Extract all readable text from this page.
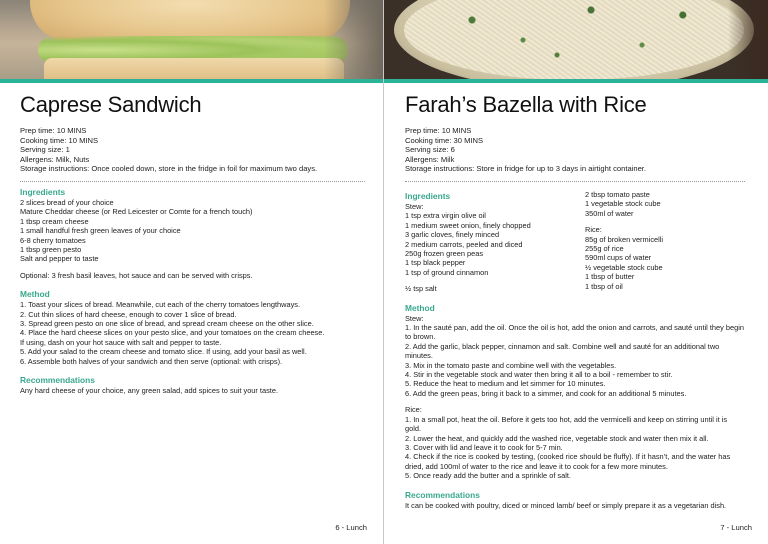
Caprese Sandwich
Prep time: 10 MINS
Cooking time: 10 MINS
Serving size: 1
Allergens: Milk, Nuts
Storage instructions: Once cooled down, store in the fridge in foil for maximum two days.
Ingredients
2 slices bread of your choice
Mature Cheddar cheese (or Red Leicester or Comte for a french touch)
1 tbsp cream cheese
1 small handful fresh green leaves of your choice
6-8 cherry tomatoes
1 tbsp green pesto
Salt and pepper to taste
Optional: 3 fresh basil leaves, hot sauce and can be served with crisps.
Method
1. Toast your slices of bread. Meanwhile, cut each of the cherry tomatoes lengthways.
2. Cut thin slices of hard cheese, enough to cover 1 slice of bread.
3. Spread green pesto on one slice of bread, and spread cream cheese on the other slice.
4. Place the hard cheese slices on your pesto slice, and your tomatoes on the cream cheese.
If using, dash on your hot sauce with salt and pepper to taste.
5. Add your salad to the cream cheese and tomato slice. If using, add your basil as well.
6. Assemble both halves of your sandwich and then serve (optional: with crisps).
Recommendations
Any hard cheese of your choice, any green salad, add spices to suit your taste.
6 - Lunch
Farah’s Bazella with Rice
Prep time: 10 MINS
Cooking time: 30 MINS
Serving size: 6
Allergens: Milk
Storage instructions: Store in fridge for up to 3 days in airtight container.
Ingredients
Stew:
1 tsp extra virgin olive oil
1 medium sweet onion, finely chopped
3 garlic cloves, finely minced
2 medium carrots, peeled and diced
250g frozen green peas
1 tsp black pepper
1 tsp of ground cinnamon
½ tsp salt
2 tbsp tomato paste
1 vegetable stock cube
350ml of water
Rice:
85g of broken vermicelli
255g of rice
590ml cups of water
½ vegetable stock cube
1 tbsp of butter
1 tbsp of oil
Method
Stew:
1. In the sauté pan, add the oil. Once the oil is hot, add the onion and carrots, and sauté until they begin to brown.
2. Add the garlic, black pepper, cinnamon and salt. Combine well and sauté for an additional two minutes.
3. Mix in the tomato paste and combine well with the vegetables.
4. Stir in the vegetable stock and water then bring it all to a boil - remember to stir.
5. Reduce the heat to medium and let simmer for 10 minutes.
6. Add the green peas, bring it back to a simmer, and cook for an additional 5 minutes.
Rice:
1. In a small pot, heat the oil. Before it gets too hot, add the vermicelli and keep on stirring until it is gold.
2. Lower the heat, and quickly add the washed rice, vegetable stock and water then mix it all.
3. Cover with lid and leave it to cook for 5-7 min.
4. Check if the rice is cooked by testing, (cooked rice should be fluffy). If it hasn’t, and the water has dried, add 100ml of water to the rice and leave it to cook for a few more minutes.
5. Once ready add the butter and a sprinkle of salt.
Recommendations
It can be cooked with poultry, diced or minced lamb/ beef or simply prepare it as a vegetarian dish.
7 - Lunch
